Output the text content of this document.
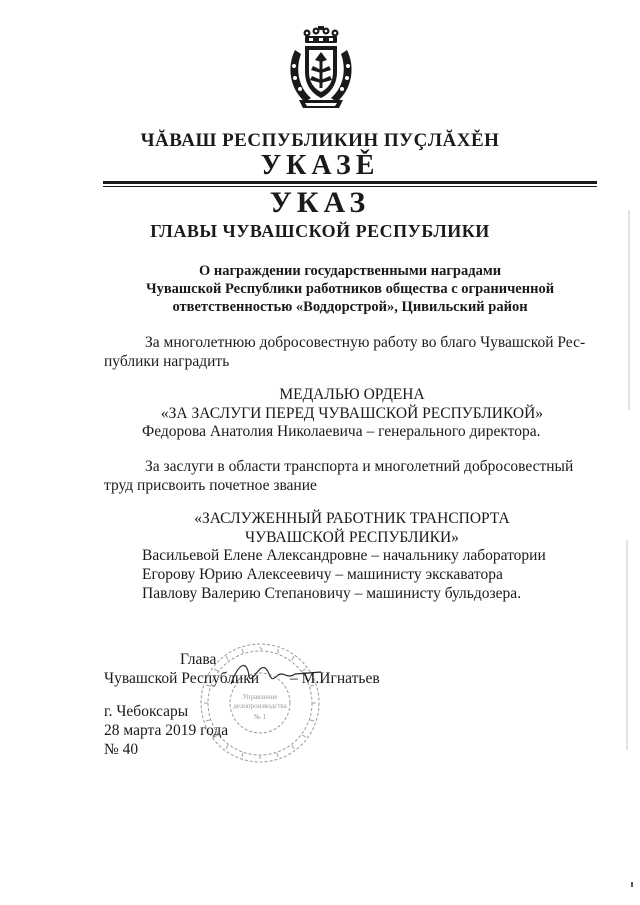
ЧĂВАШ РЕСПУБЛИКИН ПУÇЛĂХĚН
УКАЗĚ
УКАЗ
ГЛАВЫ ЧУВАШСКОЙ РЕСПУБЛИКИ
О награждении государственными наградами
Чувашской Республики работников общества с ограниченной
ответственностью «Воддорстрой», Цивильский район
За многолетнюю добросовестную работу во благо Чувашской Рес-
публики наградить
МЕДАЛЬЮ ОРДЕНА
«ЗА ЗАСЛУГИ ПЕРЕД ЧУВАШСКОЙ РЕСПУБЛИКОЙ»
Федорова Анатолия Николаевича – генерального директора.
За заслуги в области транспорта и многолетний добросовестный
труд присвоить почетное звание
«ЗАСЛУЖЕННЫЙ РАБОТНИК ТРАНСПОРТА
ЧУВАШСКОЙ РЕСПУБЛИКИ»
Васильевой Елене Александровне – начальнику лаборатории
Егорову Юрию Алексеевичу – машинисту экскаватора
Павлову Валерию Степановичу – машинисту бульдозера.
Управление
делопроизводства
№ 1
Глава
Чувашской Республики – М.Игнатьев
г. Чебоксары
28 марта 2019 года
№ 40
